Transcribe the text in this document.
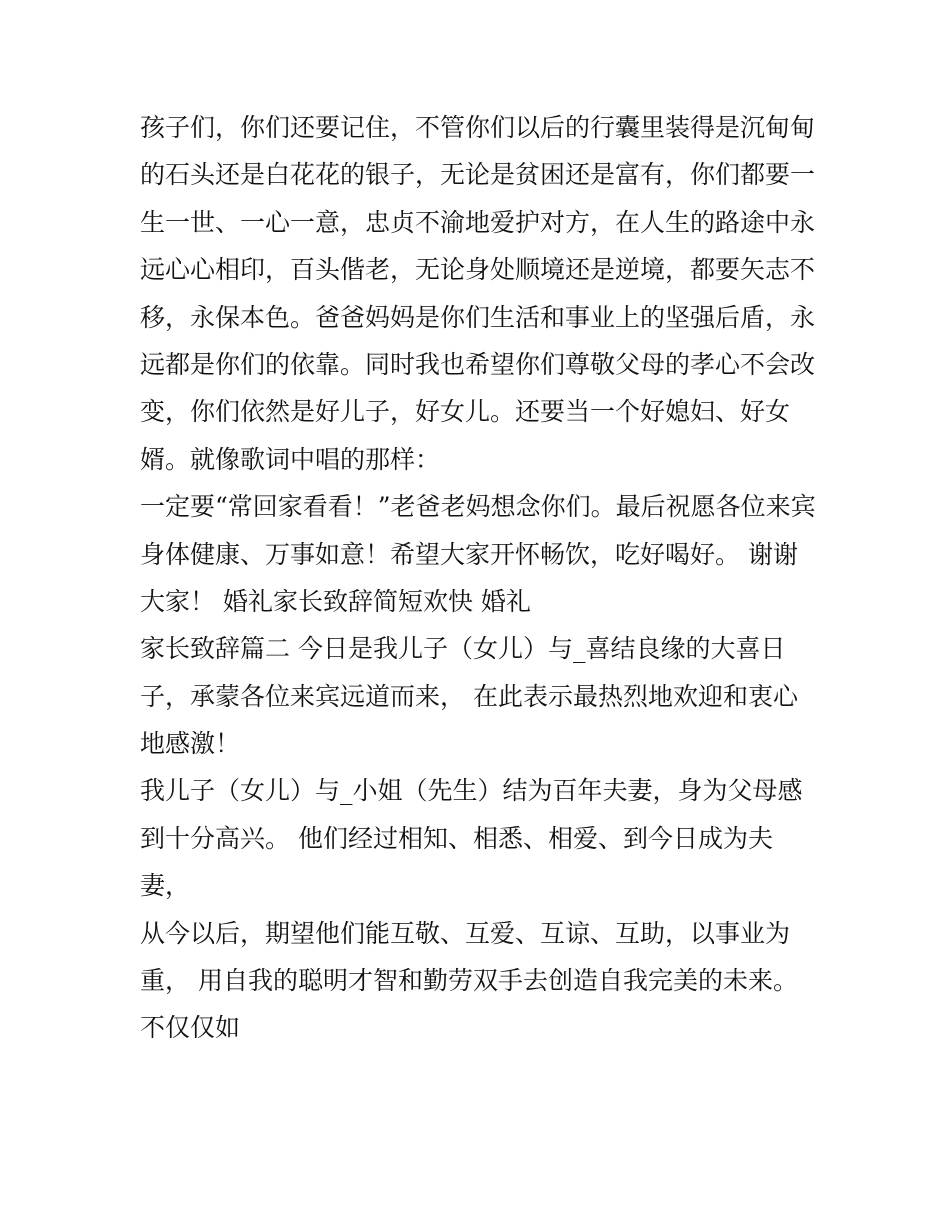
孩子们，你们还要记住，不管你们以后的行囊里装得是沉甸甸
的石头还是白花花的银子，无论是贫困还是富有，你们都要一
生一世、一心一意，忠贞不渝地爱护对方，在人生的路途中永
远心心相印，百头偕老，无论身处顺境还是逆境，都要矢志不
移，永保本色。爸爸妈妈是你们生活和事业上的坚强后盾，永
远都是你们的依靠。同时我也希望你们尊敬父母的孝心不会改
变，你们依然是好儿子，好女儿。还要当一个好媳妇、好女
婿。就像歌词中唱的那样：
一定要“常回家看看！”老爸老妈想念你们。最后祝愿各位来宾
身体健康、万事如意！希望大家开怀畅饮，吃好喝好。 谢谢
大家！ 婚礼家长致辞简短欢快 婚礼
家长致辞篇二 今日是我儿子（女儿）与_喜结良缘的大喜日
子，承蒙各位来宾远道而来， 在此表示最热烈地欢迎和衷心
地感激！
我儿子（女儿）与_小姐（先生）结为百年夫妻，身为父母感
到十分高兴。 他们经过相知、相悉、相爱、到今日成为夫
妻，
从今以后，期望他们能互敬、互爱、互谅、互助，以事业为
重， 用自我的聪明才智和勤劳双手去创造自我完美的未来。
不仅仅如
